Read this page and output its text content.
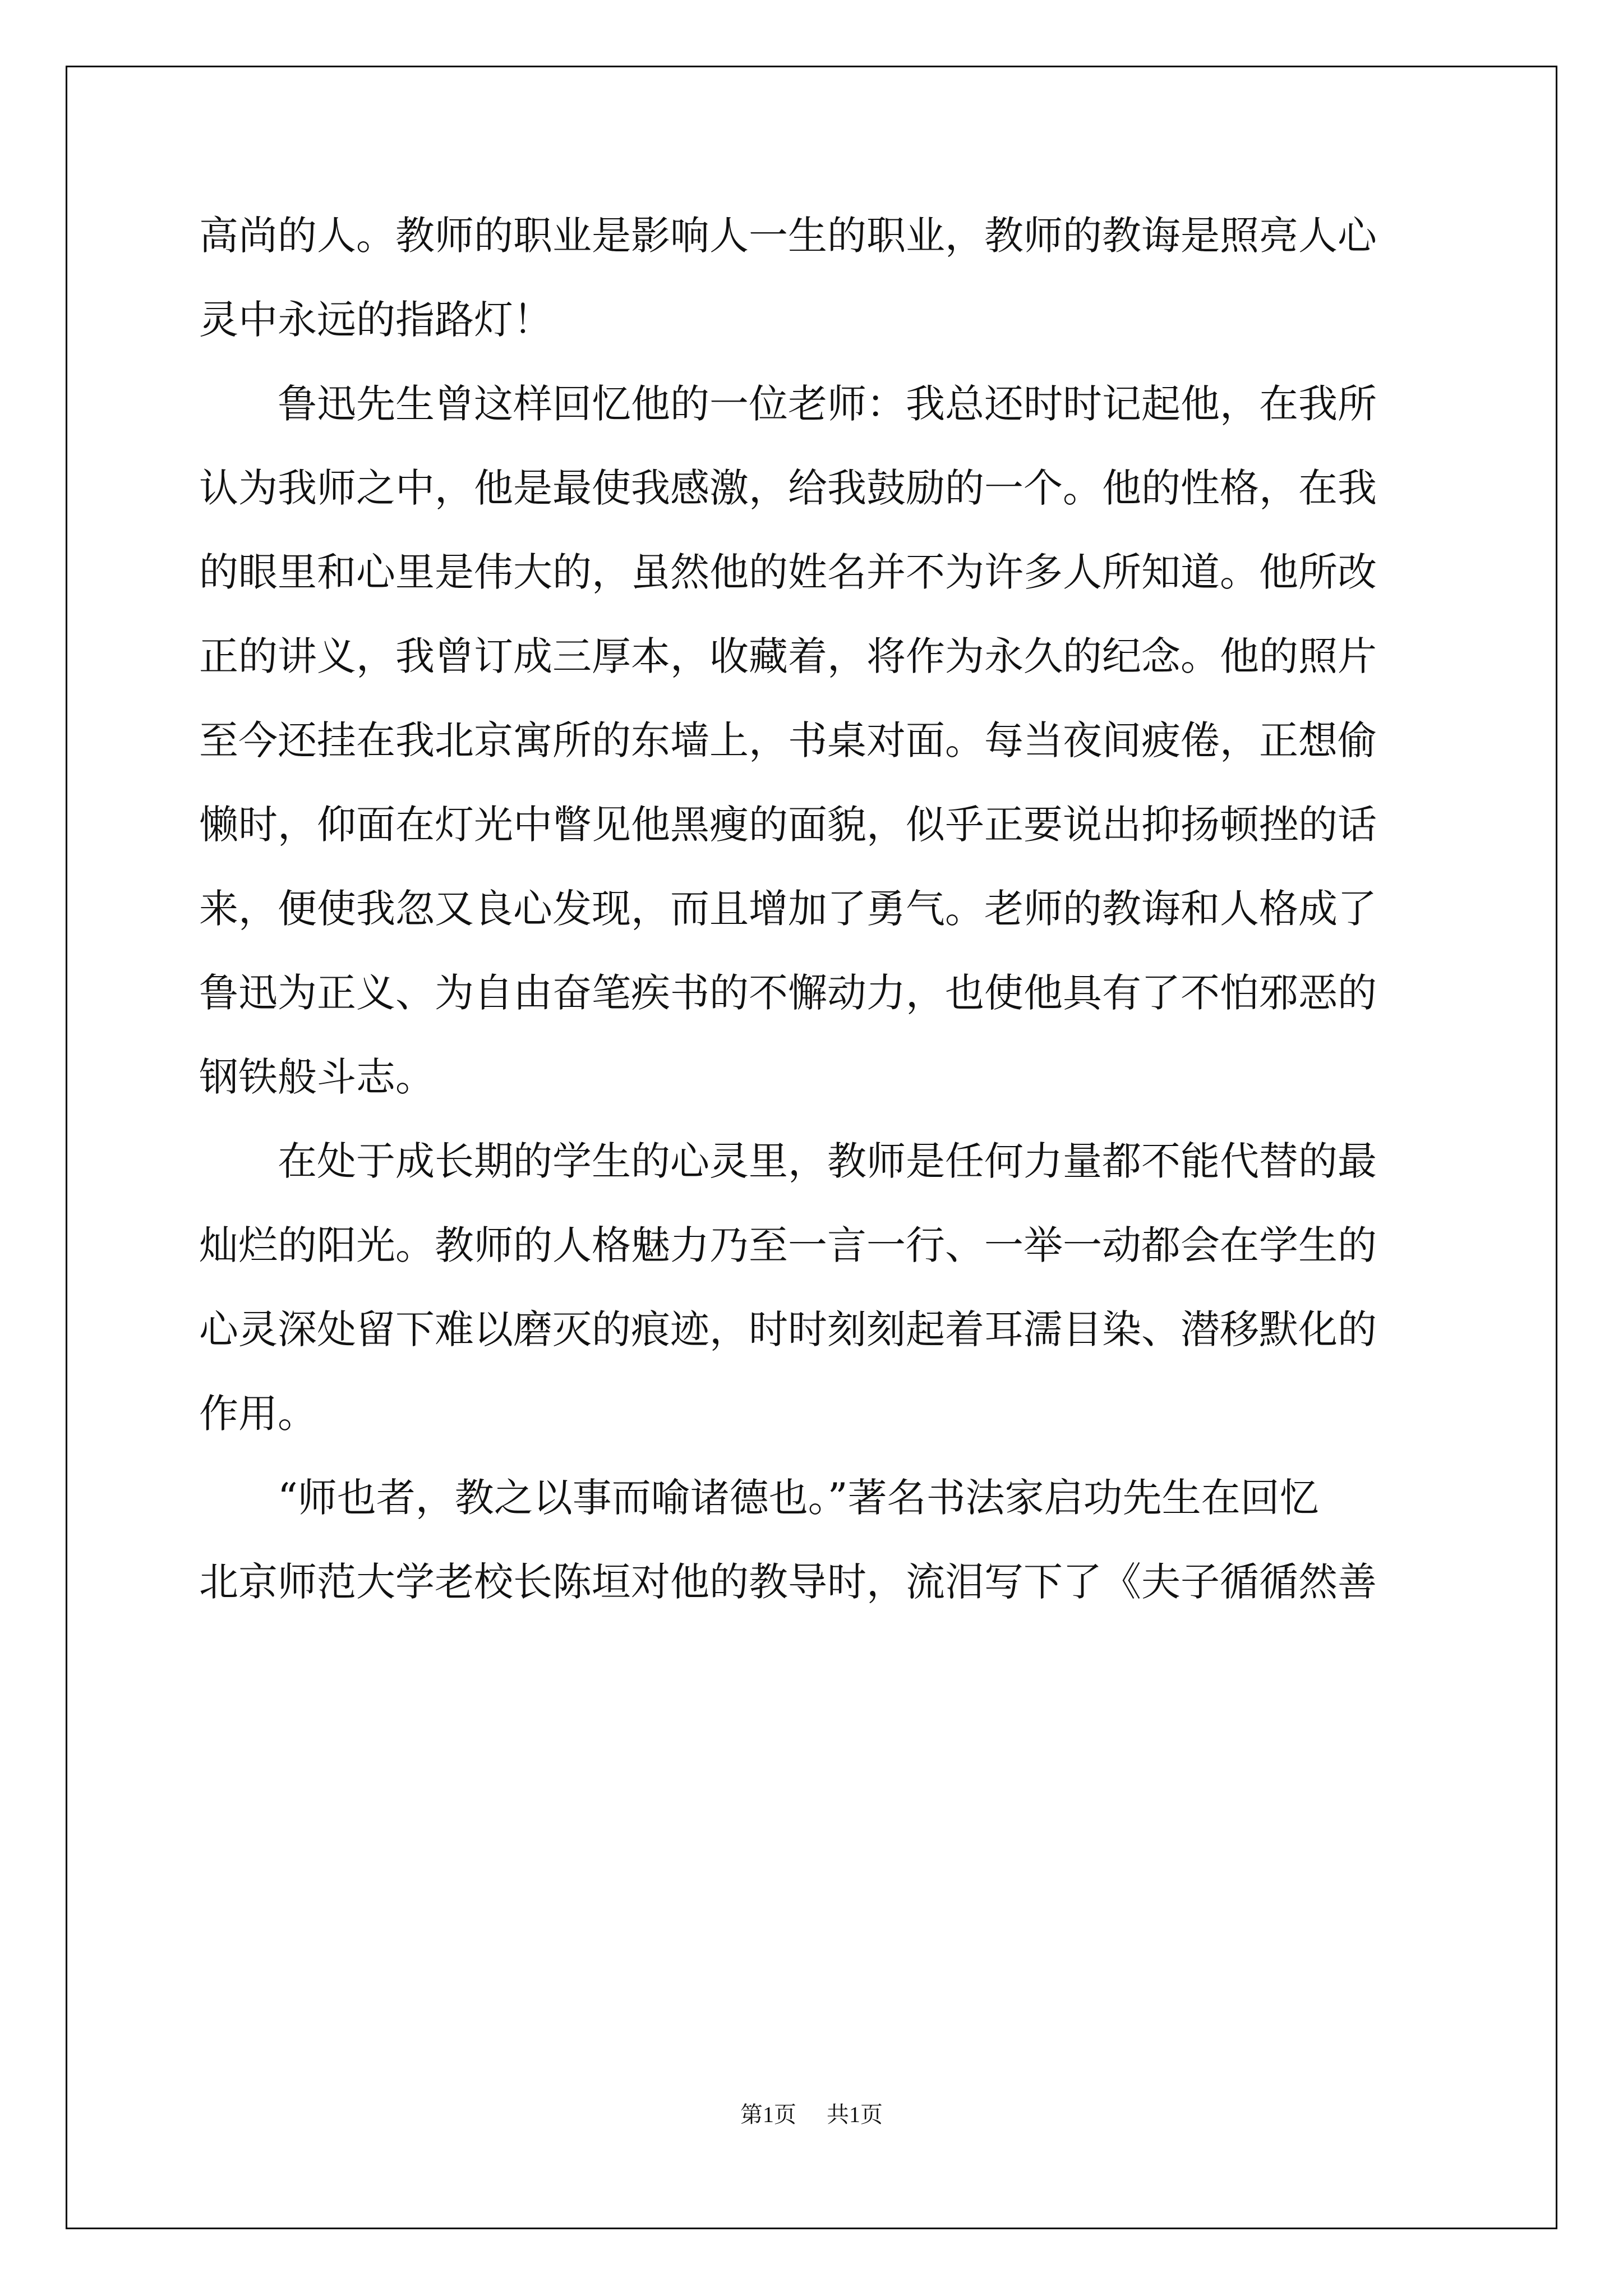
高尚的人。教师的职业是影响人一生的职业，教师的教诲是照亮人心
灵中永远的指路灯！
鲁迅先生曾这样回忆他的一位老师：我总还时时记起他，在我所
认为我师之中，他是最使我感激，给我鼓励的一个。他的性格，在我
的眼里和心里是伟大的，虽然他的姓名并不为许多人所知道。他所改
正的讲义，我曾订成三厚本，收藏着，将作为永久的纪念。他的照片
至今还挂在我北京寓所的东墙上，书桌对面。每当夜间疲倦，正想偷
懒时，仰面在灯光中瞥见他黑瘦的面貌，似乎正要说出抑扬顿挫的话
来，便使我忽又良心发现，而且增加了勇气。老师的教诲和人格成了
鲁迅为正义、为自由奋笔疾书的不懈动力，也使他具有了不怕邪恶的
钢铁般斗志。
在处于成长期的学生的心灵里，教师是任何力量都不能代替的最
灿烂的阳光。教师的人格魅力乃至一言一行、一举一动都会在学生的
心灵深处留下难以磨灭的痕迹，时时刻刻起着耳濡目染、潜移默化的
作用。
“师也者，教之以事而喻诸德也。”著名书法家启功先生在回忆
北京师范大学老校长陈垣对他的教导时，流泪写下了《夫子循循然善
第1页 共1页
